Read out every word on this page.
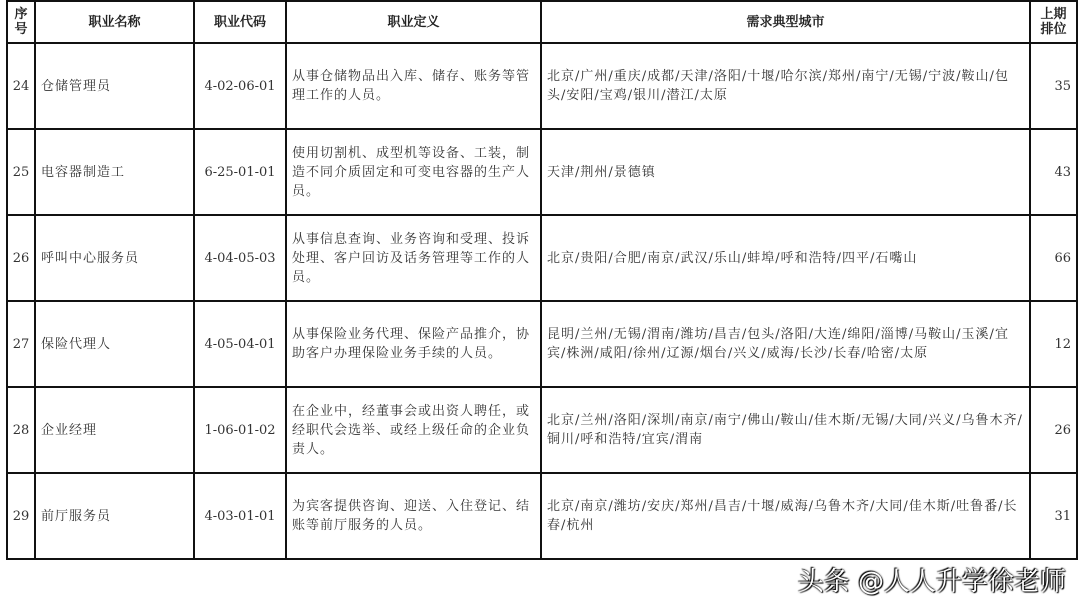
序号	职业名称	职业代码	职业定义	需求典型城市	上期排位
24	仓储管理员	4-02-06-01	从事仓储物品出入库、储存、账务等管理工作的人员。	北京/广州/重庆/成都/天津/洛阳/十堰/哈尔滨/郑州/南宁/无锡/宁波/鞍山/包头/安阳/宝鸡/银川/潜江/太原	35
25	电容器制造工	6-25-01-01	使用切割机、成型机等设备、工装，制造不同介质固定和可变电容器的生产人员。	天津/荆州/景德镇	43
26	呼叫中心服务员	4-04-05-03	从事信息查询、业务咨询和受理、投诉处理、客户回访及话务管理等工作的人员。	北京/贵阳/合肥/南京/武汉/乐山/蚌埠/呼和浩特/四平/石嘴山	66
27	保险代理人	4-05-04-01	从事保险业务代理、保险产品推介，协助客户办理保险业务手续的人员。	昆明/兰州/无锡/渭南/潍坊/昌吉/包头/洛阳/大连/绵阳/淄博/马鞍山/玉溪/宜宾/株洲/咸阳/徐州/辽源/烟台/兴义/威海/长沙/长春/哈密/太原	12
28	企业经理	1-06-01-02	在企业中，经董事会或出资人聘任，或经职代会选举、或经上级任命的企业负责人。	北京/兰州/洛阳/深圳/南京/南宁/佛山/鞍山/佳木斯/无锡/大同/兴义/乌鲁木齐/铜川/呼和浩特/宜宾/渭南	26
29	前厅服务员	4-03-01-01	为宾客提供咨询、迎送、入住登记、结账等前厅服务的人员。	北京/南京/潍坊/安庆/郑州/昌吉/十堰/威海/乌鲁木齐/大同/佳木斯/吐鲁番/长春/杭州	31
头条 @人人升学徐老师
